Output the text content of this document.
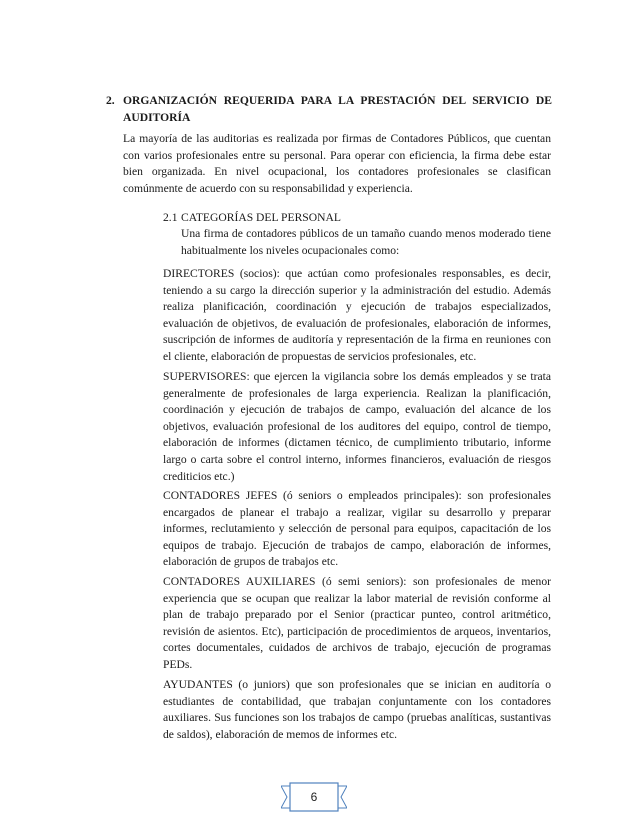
2. ORGANIZACIÓN REQUERIDA PARA LA PRESTACIÓN DEL SERVICIO DE
AUDITORÍA
La mayoría de las auditorias es realizada por firmas de Contadores Públicos, que cuentan con varios profesionales entre su personal. Para operar con eficiencia, la firma debe estar bien organizada. En nivel ocupacional, los contadores profesionales se clasifican comúnmente de acuerdo con su responsabilidad y experiencia.
2.1 CATEGORÍAS DEL PERSONAL
Una firma de contadores públicos de un tamaño cuando menos moderado tiene habitualmente los niveles ocupacionales como:
DIRECTORES (socios): que actúan como profesionales responsables, es decir, teniendo a su cargo la dirección superior y la administración del estudio. Además realiza planificación, coordinación y ejecución de trabajos especializados, evaluación de objetivos, de evaluación de profesionales, elaboración de informes, suscripción de informes de auditoría y representación de la firma en reuniones con el cliente, elaboración de propuestas de servicios profesionales, etc.
SUPERVISORES: que ejercen la vigilancia sobre los demás empleados y se trata generalmente de profesionales de larga experiencia. Realizan la planificación, coordinación y ejecución de trabajos de campo, evaluación del alcance de los objetivos, evaluación profesional de los auditores del equipo, control de tiempo, elaboración de informes (dictamen técnico, de cumplimiento tributario, informe largo o carta sobre el control interno, informes financieros, evaluación de riesgos crediticios etc.)
CONTADORES JEFES (ó seniors o empleados principales): son profesionales encargados de planear el trabajo a realizar, vigilar su desarrollo y preparar informes, reclutamiento y selección de personal para equipos, capacitación de los equipos de trabajo. Ejecución de trabajos de campo, elaboración de informes, elaboración de grupos de trabajos etc.
CONTADORES AUXILIARES (ó semi seniors): son profesionales de menor experiencia que se ocupan que realizar la labor material de revisión conforme al plan de trabajo preparado por el Senior (practicar punteo, control aritmético, revisión de asientos. Etc), participación de procedimientos de arqueos, inventarios, cortes documentales, cuidados de archivos de trabajo, ejecución de programas PEDs.
AYUDANTES (o juniors) que son profesionales que se inician en auditoría o estudiantes de contabilidad, que trabajan conjuntamente con los contadores auxiliares. Sus funciones son los trabajos de campo (pruebas analíticas, sustantivas de saldos), elaboración de memos de informes etc.
6
